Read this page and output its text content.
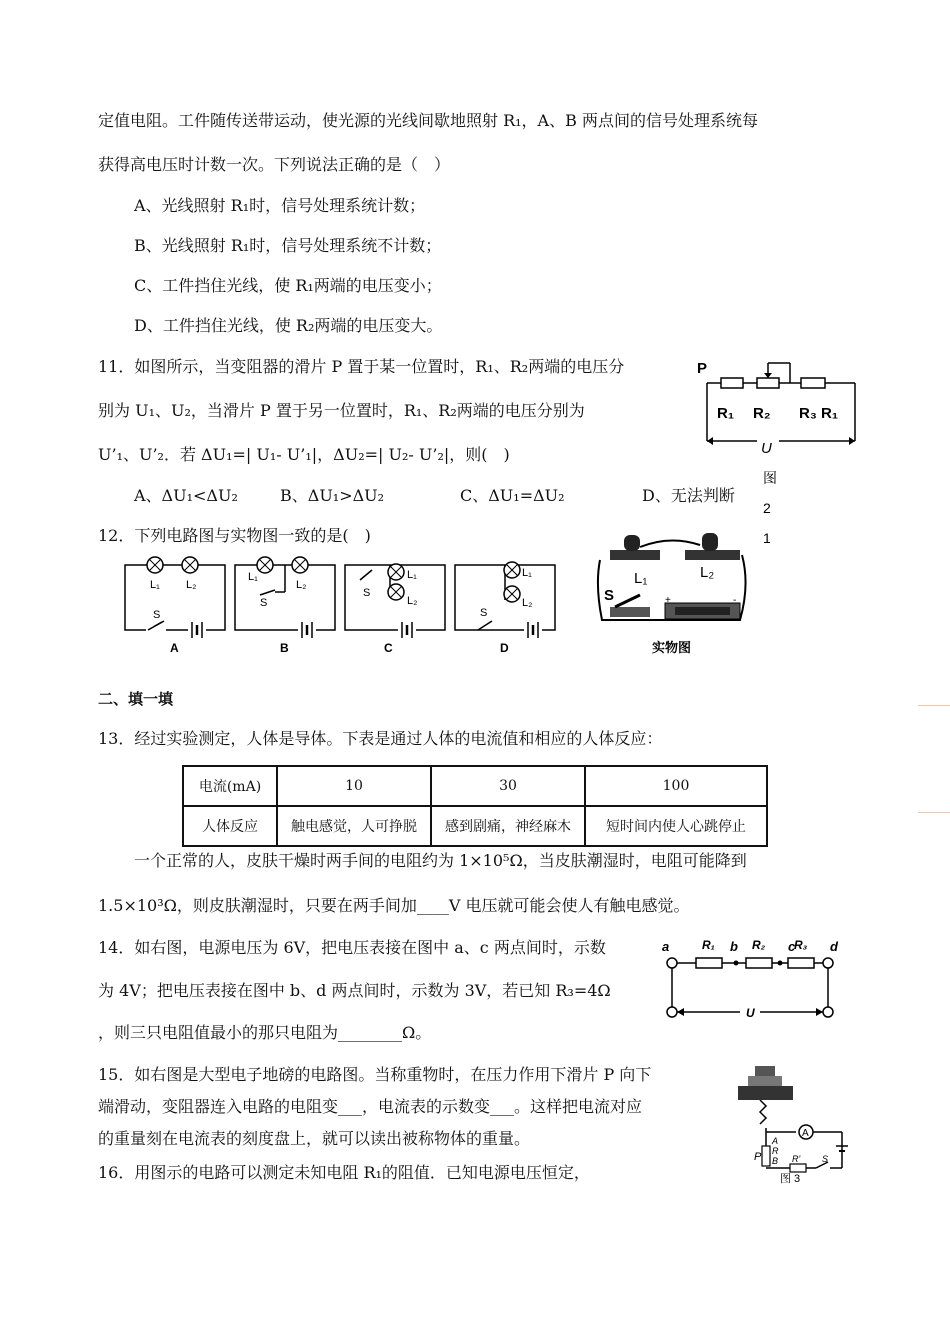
定值电阻。工件随传送带运动，使光源的光线间歇地照射 R₁，A、B 两点间的信号处理系统每
获得高电压时计数一次。下列说法正确的是（　）
A、光线照射 R₁时，信号处理系统计数；
B、光线照射 R₁时，信号处理系统不计数；
C、工件挡住光线，使 R₁两端的电压变小；
D、工件挡住光线，使 R₂两端的电压变大。
11．如图所示，当变阻器的滑片 P 置于某一位置时，R₁、R₂两端的电压分
别为 U₁、U₂，当滑片 P 置于另一位置时，R₁、R₂两端的电压分别为
U’₁、U’₂．若 ΔU₁=| U₁- U’₁|，ΔU₂=| U₂- U’₂|，则(　)
A、ΔU₁<ΔU₂	B、ΔU₁>ΔU₂	C、ΔU₁=ΔU₂	D、无法判断
12．下列电路图与实物图一致的是(　)
P
R₁ R₂ R₃ R₁
U
图
2
1
L₁ L₂
S
A
L₁
L₂
S
B
L₁
L₂
S
C
L₁
L₂
S
D
L₁	L₂
S	+	-
实物图
二、填一填
13．经过实验测定，人体是导体。下表是通过人体的电流值和相应的人体反应：
电流(mA)	10	30	100
人体反应	触电感觉，人可挣脱	感到剧痛，神经麻木	短时间内使人心跳停止
一个正常的人，皮肤干燥时两手间的电阻约为 1×10⁵Ω，当皮肤潮湿时，电阻可能降到
1.5×10³Ω，则皮肤潮湿时，只要在两手间加____V 电压就可能会使人有触电感觉。
14．如右图，电源电压为 6V，把电压表接在图中 a、c 两点间时，示数
为 4V；把电压表接在图中 b、d 两点间时，示数为 3V，若已知 R₃=4Ω
，则三只电阻值最小的那只电阻为________Ω。
a	b	c	d
R₁	R₂ R₃
U
15．如右图是大型电子地磅的电路图。当称重物时，在压力作用下滑片 P 向下
端滑动，变阻器连入电路的电阻变___，电流表的示数变___。这样把电流对应
的重量刻在电流表的刻度盘上，就可以读出被称物体的重量。	A
P
A
R
B R' S
图 3
16．用图示的电路可以测定未知电阻 R₁的阻值．已知电源电压恒定，
